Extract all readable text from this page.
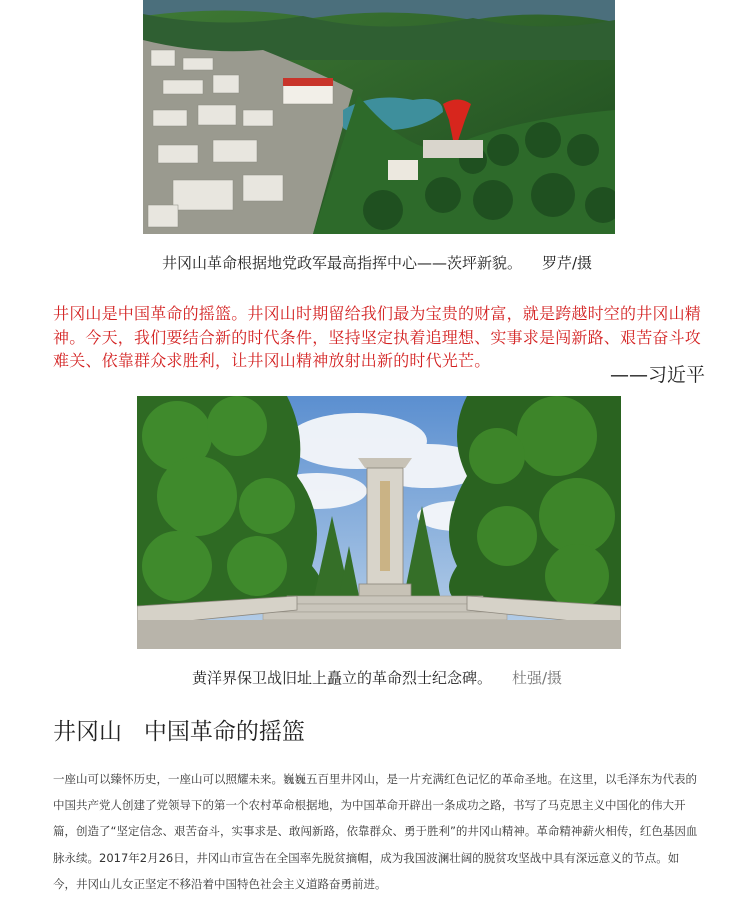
井冈山革命根据地党政军最高指挥中心——茨坪新貌。 罗芹/摄

井冈山是中国革命的摇篮。井冈山时期留给我们最为宝贵的财富，就是跨越时空的井冈山精神。今天，我们要结合新的时代条件，坚持坚定执着追理想、实事求是闯新路、艰苦奋斗攻难关、依靠群众求胜利，让井冈山精神放射出新的时代光芒。

——习近平
黄洋界保卫战旧址上矗立的革命烈士纪念碑。 杜强/摄
井冈山   中国革命的摇篮

一座山可以臻怀历史，一座山可以照耀未来。巍巍五百里井冈山，是一片充满红色记忆的革命圣地。在这里，以毛泽东为代表的中国共产党人创建了党领导下的第一个农村革命根据地，为中国革命开辟出一条成功之路，书写了马克思主义中国化的伟大开篇，创造了“坚定信念、艰苦奋斗，实事求是、敢闯新路，依靠群众、勇于胜利”的井冈山精神。革命精神薪火相传，红色基因血脉永续。2017年2月26日，井冈山市宣告在全国率先脱贫摘帽，成为我国波澜壮阔的脱贫攻坚战中具有深远意义的节点。如今，井冈山儿女正坚定不移沿着中国特色社会主义道路奋勇前进。
